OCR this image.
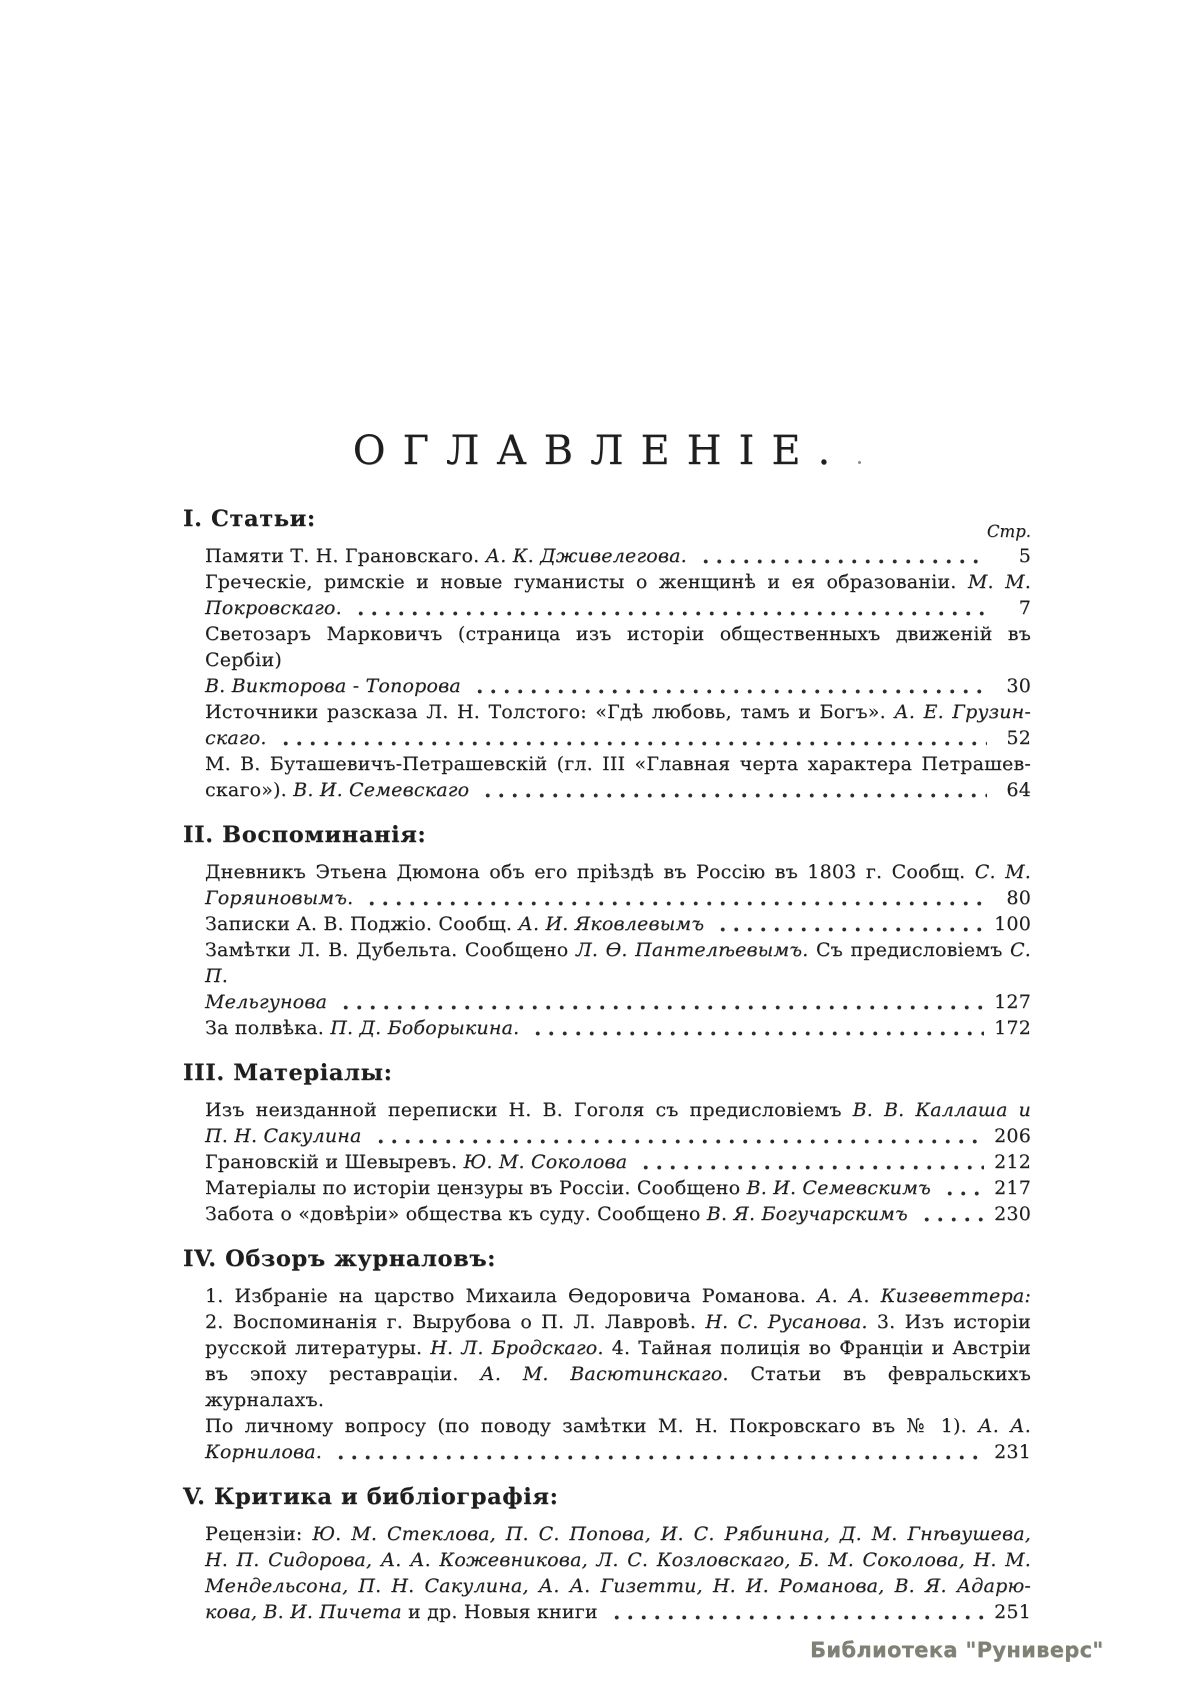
ОГЛАВЛЕНІЕ.
Стр.
I. Статьи:
Памяти Т. Н. Грановскаго. А. К. Дживелегова.	5
Греческіе, римскіе и новые гуманисты о женщинѣ и ея образованіи. М. М.
Покровскаго.	7
Светозаръ Марковичъ (страница изъ исторіи общественныхъ движеній въ Сербіи)
В. Викторова - Топорова	30
Источники разсказа Л. Н. Толстого: «Гдѣ любовь, тамъ и Богъ». А. Е. Грузин-
скаго.	52
М. В. Буташевичъ-Петрашевскій (гл. III «Главная черта характера Петрашев-
скаго»). В. И. Семевскаго	64
II. Воспоминанія:
Дневникъ Этьена Дюмона объ его пріѣздѣ въ Россію въ 1803 г. Сообщ. С. М.
Горяиновымъ.	80
Записки А. В. Поджіо. Сообщ. А. И. Яковлевымъ	100
Замѣтки Л. В. Дубельта. Сообщено Л. Ѳ. Пантелѣевымъ. Съ предисловіемъ С. П.
Мельгунова	127
За полвѣка. П. Д. Боборыкина.	172
III. Матеріалы:
Изъ неизданной переписки Н. В. Гоголя съ предисловіемъ В. В. Каллаша и
П. Н. Сакулина	206
Грановскій и Шевыревъ. Ю. М. Соколова	212
Матеріалы по исторіи цензуры въ Россіи. Сообщено В. И. Семевскимъ	217
Забота о «довѣріи» общества къ суду. Сообщено В. Я. Богучарскимъ	230
IV. Обзоръ журналовъ:
1. Избраніе на царство Михаила Ѳедоровича Романова. А. А. Кизеветтера:
2. Воспоминанія г. Вырубова о П. Л. Лавровѣ. Н. С. Русанова. 3. Изъ исторіи
русской литературы. Н. Л. Бродскаго. 4. Тайная полиція во Франціи и Австріи
въ эпоху реставраціи. А. М. Васютинскаго. Статьи въ февральскихъ журналахъ.
По личному вопросу (по поводу замѣтки М. Н. Покровскаго въ № 1). А. А.
Корнилова.	231
V. Критика и библіографія:
Рецензіи: Ю. М. Стеклова, П. С. Попова, И. С. Рябинина, Д. М. Гнѣвушева,
Н. П. Сидорова, А. А. Кожевникова, Л. С. Козловскаго, Б. М. Соколова, Н. М.
Мендельсона, П. Н. Сакулина, А. А. Гизетти, Н. И. Романова, В. Я. Адарю-
кова, В. И. Пичета и др. Новыя книги	251
Библиотека "Руниверс"
